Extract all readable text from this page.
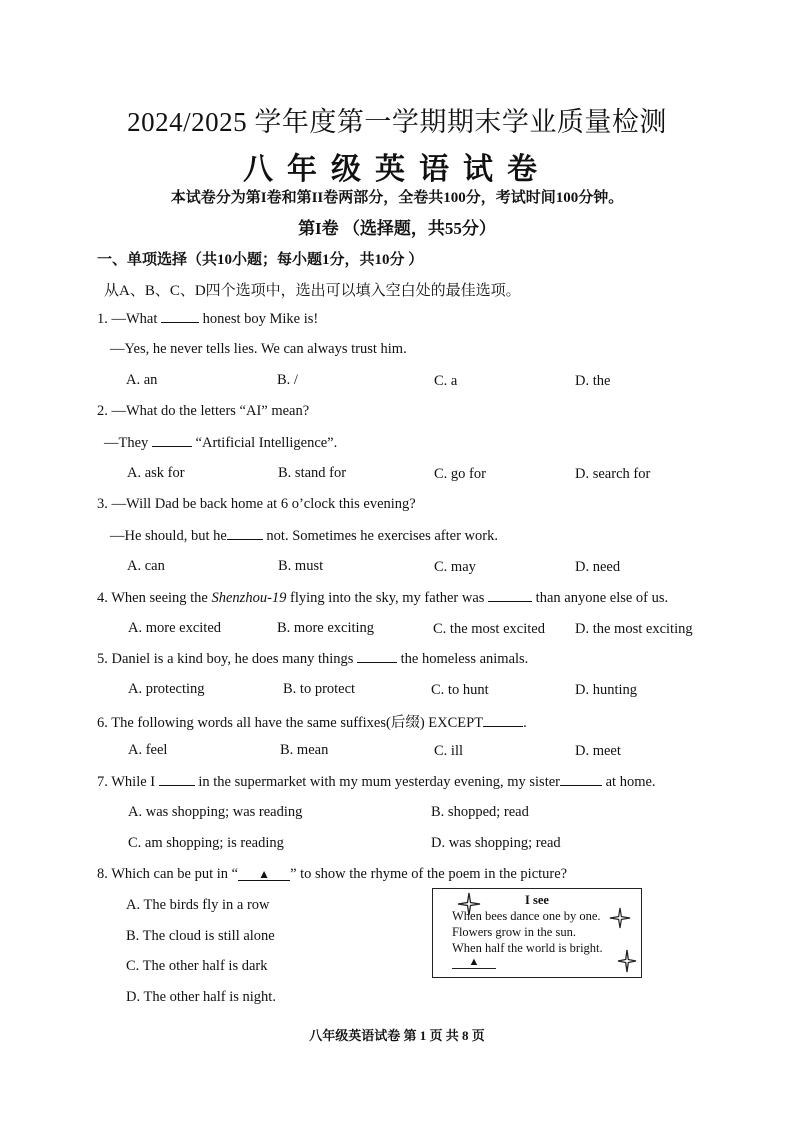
2024/2025 学年度第一学期期末学业质量检测
八年级英语试卷
本试卷分为第I卷和第II卷两部分，全卷共100分，考试时间100分钟。
第I卷 （选择题，共55分）
一、单项选择（共10小题；每小题1分，共10分 ）
从A、B、C、D四个选项中，选出可以填入空白处的最佳选项。
1. —What	honest boy Mike is!
—Yes, he never tells lies. We can always trust him.
A. an	B. /	C. a	D. the
2. —What do the letters “AI” mean?
—They	“Artificial Intelligence”.
A. ask for	B. stand for	C. go for	D. search for
3. —Will Dad be back home at 6 o’clock this evening?
—He should, but he	not. Sometimes he exercises after work.
A. can	B. must	C. may	D. need
4. When seeing the Shenzhou-19 flying into the sky, my father was	than anyone else of us.
A. more excited	B. more exciting	C. the most excited D. the most exciting
5. Daniel is a kind boy, he does many things	the homeless animals.
A. protecting	B. to protect	C. to hunt	D. hunting
6. The following words all have the same suffixes(后缀) EXCEPT	.
A. feel	B. mean	C. ill	D. meet
7. While I	in the supermarket with my mum yesterday evening, my sister	at home.
A. was shopping; was reading	B. shopped; read
C. am shopping; is reading	D. was shopping; read
8. Which can be put in “ ▲ ” to show the rhyme of the poem in the picture?
A. The birds fly in a row
B. The cloud is still alone
C. The other half is dark
D. The other half is night.
I see
When bees dance one by one.
Flowers grow in the sun.
When half the world is bright.
▲
八年级英语试卷 第 1 页 共 8 页
